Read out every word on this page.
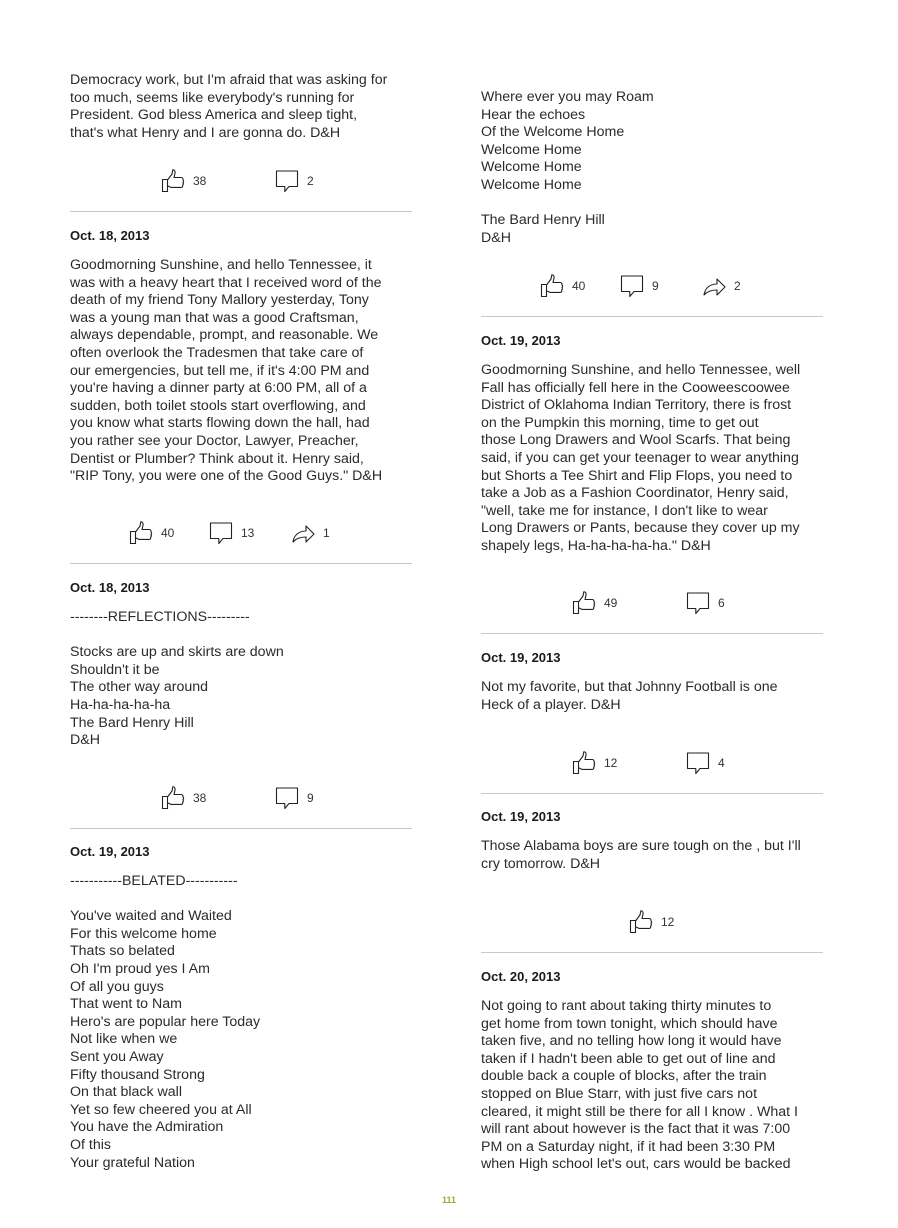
Democracy work, but I'm afraid that was asking for
too much, seems like everybody's running for
President. God bless America and sleep tight,
that's what Henry and I are gonna do. D&H

38	2

Oct. 18, 2013

Goodmorning Sunshine, and hello Tennessee, it
was with a heavy heart that I received word of the
death of my friend Tony Mallory yesterday, Tony
was a young man that was a good Craftsman,
always dependable, prompt, and reasonable. We
often overlook the Tradesmen that take care of
our emergencies, but tell me, if it's 4:00 PM and
you're having a dinner party at 6:00 PM, all of a
sudden, both toilet stools start overflowing, and
you know what starts flowing down the hall, had
you rather see your Doctor, Lawyer, Preacher,
Dentist or Plumber? Think about it. Henry said,
"RIP Tony, you were one of the Good Guys." D&H

40	13	1

Oct. 18, 2013

--------REFLECTIONS---------

Stocks are up and skirts are down
Shouldn't it be
The other way around
Ha-ha-ha-ha-ha
The Bard Henry Hill
D&H

38	9

Oct. 19, 2013

-----------BELATED-----------

You've waited and Waited
For this welcome home
Thats so belated
Oh I'm proud yes I Am
Of all you guys
That went to Nam
Hero's are popular here Today
Not like when we
Sent you Away
Fifty thousand Strong
On that black wall
Yet so few cheered you at All
You have the Admiration
Of this
Your grateful Nation

Where ever you may Roam
Hear the echoes
Of the Welcome Home
Welcome Home
Welcome Home
Welcome Home

The Bard Henry Hill
D&H

40	9	2

Oct. 19, 2013

Goodmorning Sunshine, and hello Tennessee, well
Fall has officially fell here in the Cooweescoowee
District of Oklahoma Indian Territory, there is frost
on the Pumpkin this morning, time to get out
those Long Drawers and Wool Scarfs. That being
said, if you can get your teenager to wear anything
but Shorts a Tee Shirt and Flip Flops, you need to
take a Job as a Fashion Coordinator, Henry said,
"well, take me for instance, I don't like to wear
Long Drawers or Pants, because they cover up my
shapely legs, Ha-ha-ha-ha-ha." D&H

49	6

Oct. 19, 2013

Not my favorite, but that Johnny Football is one
Heck of a player. D&H

12	4

Oct. 19, 2013

Those Alabama boys are sure tough on the , but I'll
cry tomorrow. D&H

12

Oct. 20, 2013

Not going to rant about taking thirty minutes to
get home from town tonight, which should have
taken five, and no telling how long it would have
taken if I hadn't been able to get out of line and
double back a couple of blocks, after the train
stopped on Blue Starr, with just five cars not
cleared, it might still be there for all I know . What I
will rant about however is the fact that it was 7:00
PM on a Saturday night, if it had been 3:30 PM
when High school let's out, cars would be backed

111
